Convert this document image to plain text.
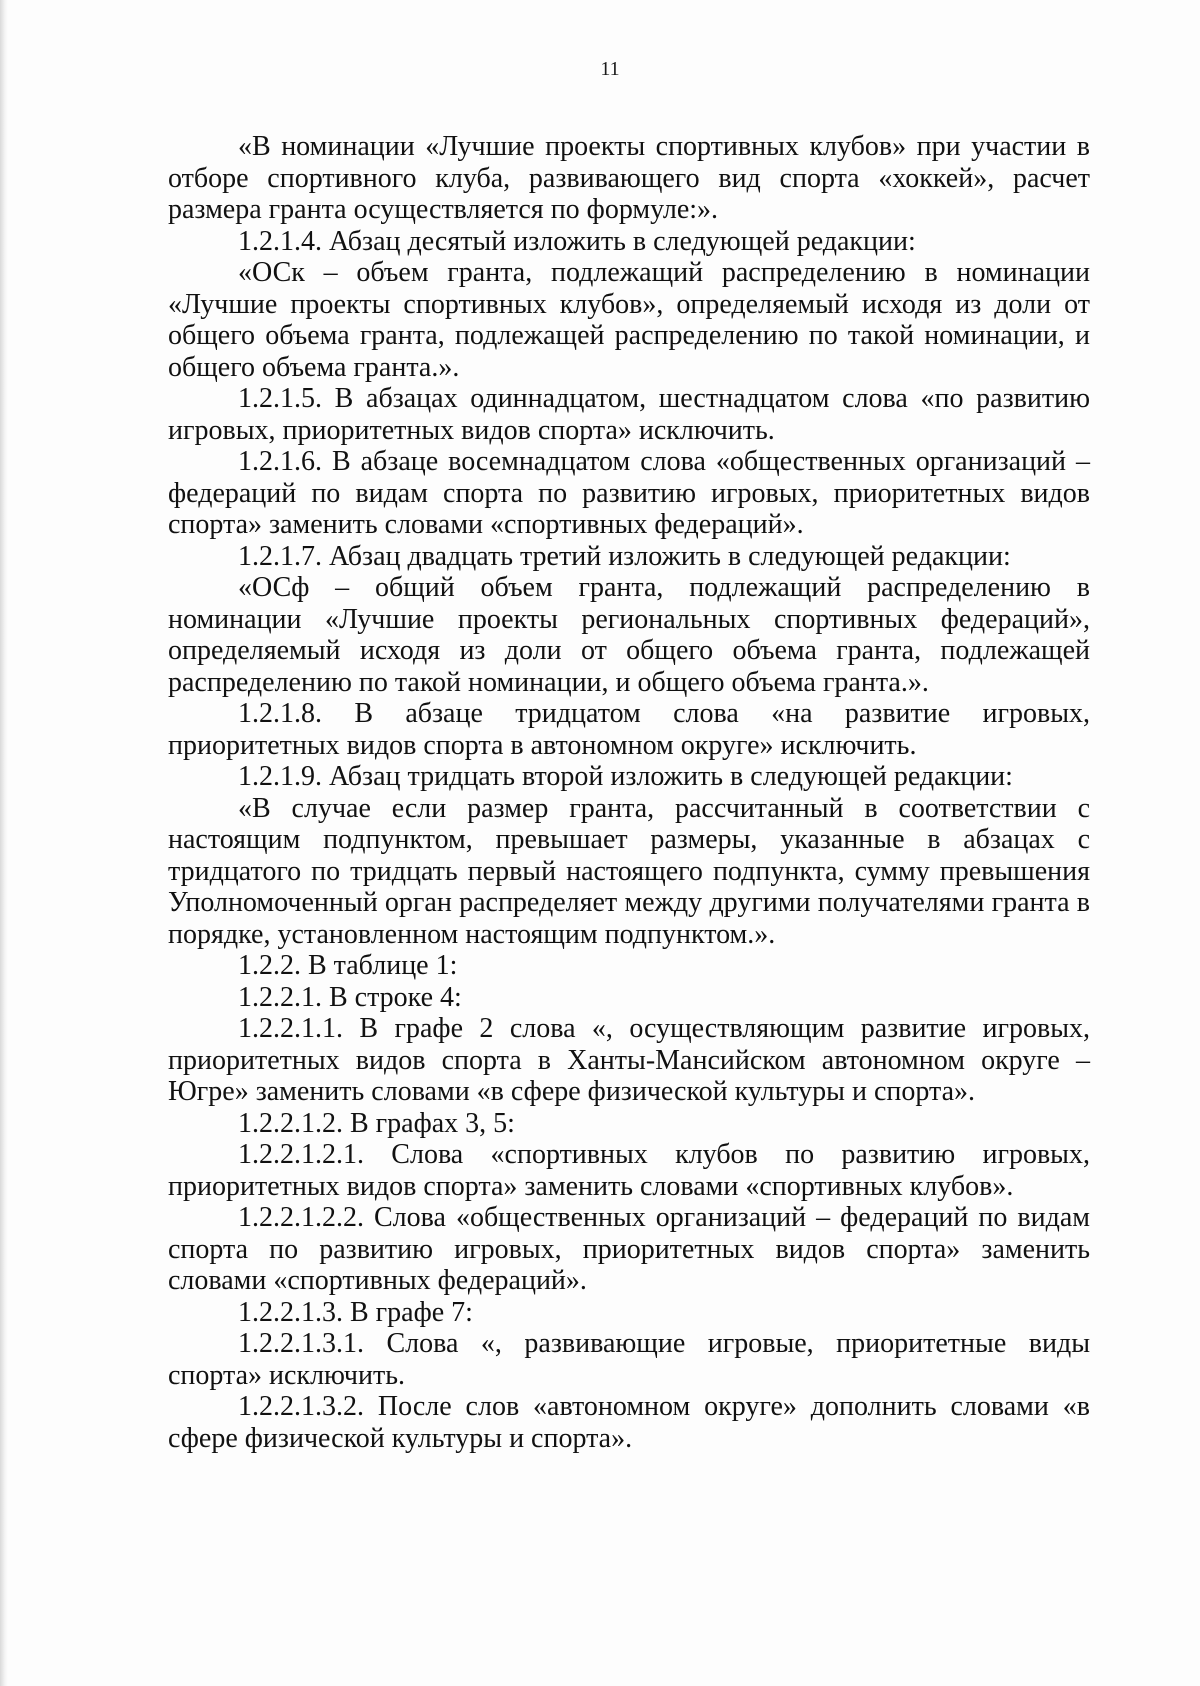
11

«В номинации «Лучшие проекты спортивных клубов» при участии в отборе спортивного клуба, развивающего вид спорта «хоккей», расчет размера гранта осуществляется по формуле:».

1.2.1.4. Абзац десятый изложить в следующей редакции:

«ОСк – объем гранта, подлежащий распределению в номинации «Лучшие проекты спортивных клубов», определяемый исходя из доли от общего объема гранта, подлежащей распределению по такой номинации, и общего объема гранта.».

1.2.1.5. В абзацах одиннадцатом, шестнадцатом слова «по развитию игровых, приоритетных видов спорта» исключить.

1.2.1.6. В абзаце восемнадцатом слова «общественных организаций – федераций по видам спорта по развитию игровых, приоритетных видов спорта» заменить словами «спортивных федераций».

1.2.1.7. Абзац двадцать третий изложить в следующей редакции:

«ОСф – общий объем гранта, подлежащий распределению в номинации «Лучшие проекты региональных спортивных федераций», определяемый исходя из доли от общего объема гранта, подлежащей распределению по такой номинации, и общего объема гранта.».

1.2.1.8. В абзаце тридцатом слова «на развитие игровых, приоритетных видов спорта в автономном округе» исключить.

1.2.1.9. Абзац тридцать второй изложить в следующей редакции:

«В случае если размер гранта, рассчитанный в соответствии с настоящим подпунктом, превышает размеры, указанные в абзацах с тридцатого по тридцать первый настоящего подпункта, сумму превышения Уполномоченный орган распределяет между другими получателями гранта в порядке, установленном настоящим подпунктом.».

1.2.2. В таблице 1:

1.2.2.1. В строке 4:

1.2.2.1.1. В графе 2 слова «, осуществляющим развитие игровых, приоритетных видов спорта в Ханты-Мансийском автономном округе – Югре» заменить словами «в сфере физической культуры и спорта».

1.2.2.1.2. В графах 3, 5:

1.2.2.1.2.1. Слова «спортивных клубов по развитию игровых, приоритетных видов спорта» заменить словами «спортивных клубов».

1.2.2.1.2.2. Слова «общественных организаций – федераций по видам спорта по развитию игровых, приоритетных видов спорта» заменить словами «спортивных федераций».

1.2.2.1.3. В графе 7:

1.2.2.1.3.1. Слова «, развивающие игровые, приоритетные виды спорта» исключить.

1.2.2.1.3.2. После слов «автономном округе» дополнить словами «в сфере физической культуры и спорта».
